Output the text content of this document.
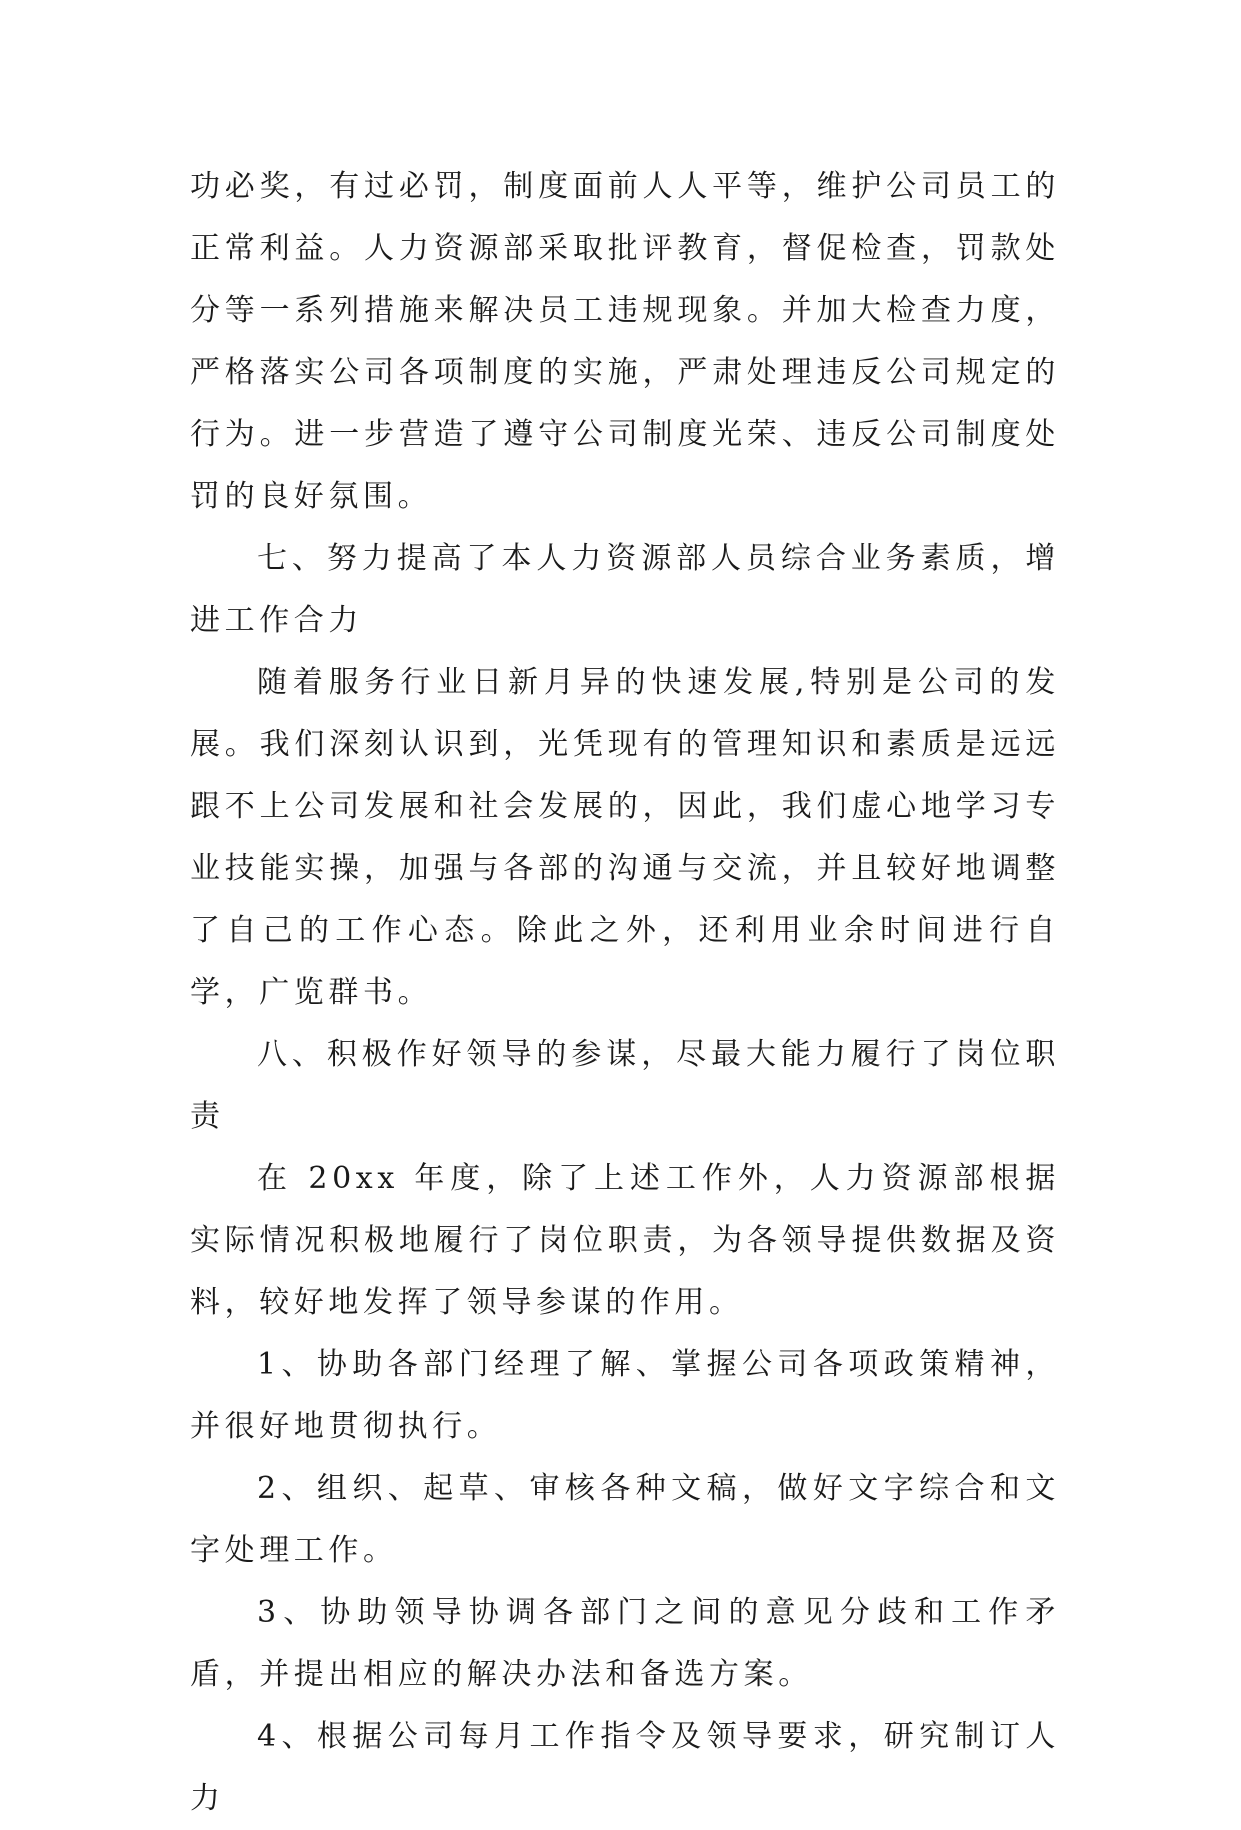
功必奖，有过必罚，制度面前人人平等，维护公司员工的正常利益。人力资源部采取批评教育，督促检查，罚款处分等一系列措施来解决员工违规现象。并加大检查力度，严格落实公司各项制度的实施，严肃处理违反公司规定的行为。进一步营造了遵守公司制度光荣、违反公司制度处罚的良好氛围。

七、努力提高了本人力资源部人员综合业务素质，增进工作合力

随着服务行业日新月异的快速发展,特别是公司的发展。我们深刻认识到，光凭现有的管理知识和素质是远远跟不上公司发展和社会发展的，因此，我们虚心地学习专业技能实操，加强与各部的沟通与交流，并且较好地调整了自己的工作心态。除此之外，还利用业余时间进行自学，广览群书。

八、积极作好领导的参谋，尽最大能力履行了岗位职责

在 20xx 年度，除了上述工作外，人力资源部根据实际情况积极地履行了岗位职责，为各领导提供数据及资料，较好地发挥了领导参谋的作用。

1、协助各部门经理了解、掌握公司各项政策精神，并很好地贯彻执行。

2、组织、起草、审核各种文稿，做好文字综合和文字处理工作。

3、协助领导协调各部门之间的意见分歧和工作矛盾，并提出相应的解决办法和备选方案。

4、根据公司每月工作指令及领导要求，研究制订人力
